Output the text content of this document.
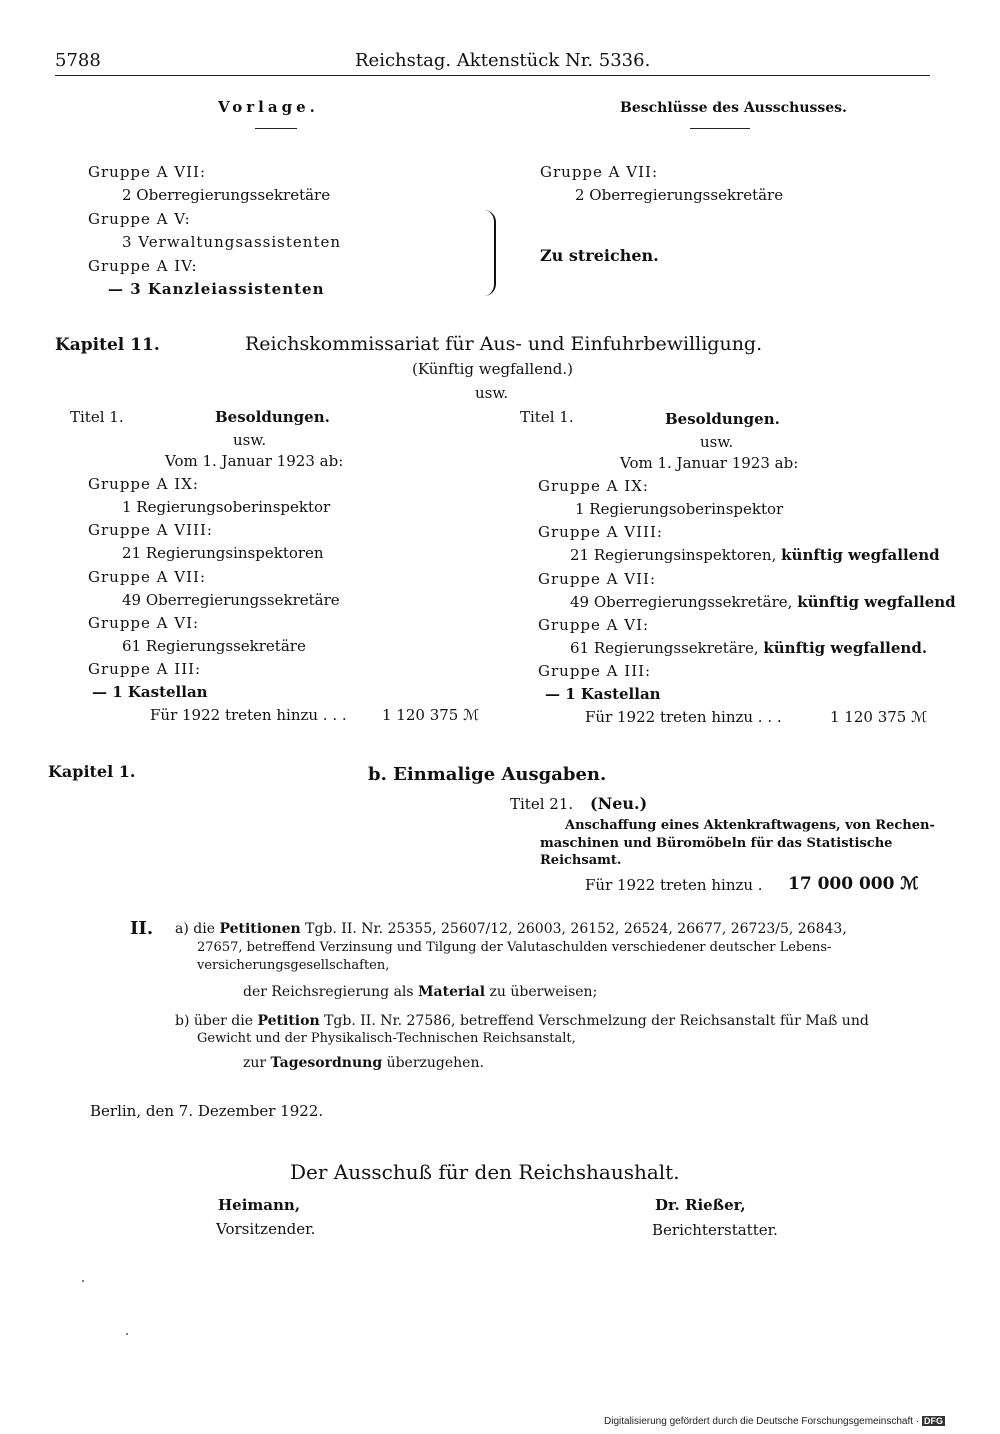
5788	Reichstag. Aktenstück Nr. 5336.
Vorlage.	Beschlüsse des Ausschusses.
Gruppe A VII:
2 Oberregierungssekretäre
Gruppe A V:
3 Verwaltungsassistenten
Gruppe A IV:
— 3 Kanzleiassistenten
Gruppe A VII:
2 Oberregierungssekretäre
Zu streichen.
Kapitel 11.	Reichskommissariat für Aus- und Einfuhrbewilligung.
(Künftig wegfallend.)
usw.
Titel 1.	Besoldungen.
usw.
Vom 1. Januar 1923 ab:
Gruppe A IX:
1 Regierungsoberinspektor
Gruppe A VIII:
21 Regierungsinspektoren
Gruppe A VII:
49 Oberregierungssekretäre
Gruppe A VI:
61 Regierungssekretäre
Gruppe A III:
— 1 Kastellan
Für 1922 treten hinzu . . . 1 120 375 ℳ
Titel 1.	Besoldungen.
usw.
Vom 1. Januar 1923 ab:
Gruppe A IX:
1 Regierungsoberinspektor
Gruppe A VIII:
21 Regierungsinspektoren, künftig wegfallend
Gruppe A VII:
49 Oberregierungssekretäre, künftig wegfallend
Gruppe A VI:
61 Regierungssekretäre, künftig wegfallend.
Gruppe A III:
— 1 Kastellan
Für 1922 treten hinzu . . .	1 120 375 ℳ
Kapitel 1.	b. Einmalige Ausgaben.
Titel 21. (Neu.)
Anschaffung eines Aktenkraftwagens, von Rechen-
maschinen und Büromöbeln für das Statistische
Reichsamt.
Für 1922 treten hinzu . 17 000 000 ℳ
II. a) die Petitionen Tgb. II. Nr. 25355, 25607/12, 26003, 26152, 26524, 26677, 26723/5, 26843,
27657, betreffend Verzinsung und Tilgung der Valutaschulden verschiedener deutscher Lebens-
versicherungsgesellschaften,
der Reichsregierung als Material zu überweisen;
b) über die Petition Tgb. II. Nr. 27586, betreffend Verschmelzung der Reichsanstalt für Maß und
Gewicht und der Physikalisch-Technischen Reichsanstalt,
zur Tagesordnung überzugehen.
Berlin, den 7. Dezember 1922.
Der Ausschuß für den Reichshaushalt.
Heimann,
Vorsitzender.
Dr. Rießer,
Berichterstatter.
Digitalisierung gefördert durch die Deutsche Forschungsgemeinschaft · DFG
